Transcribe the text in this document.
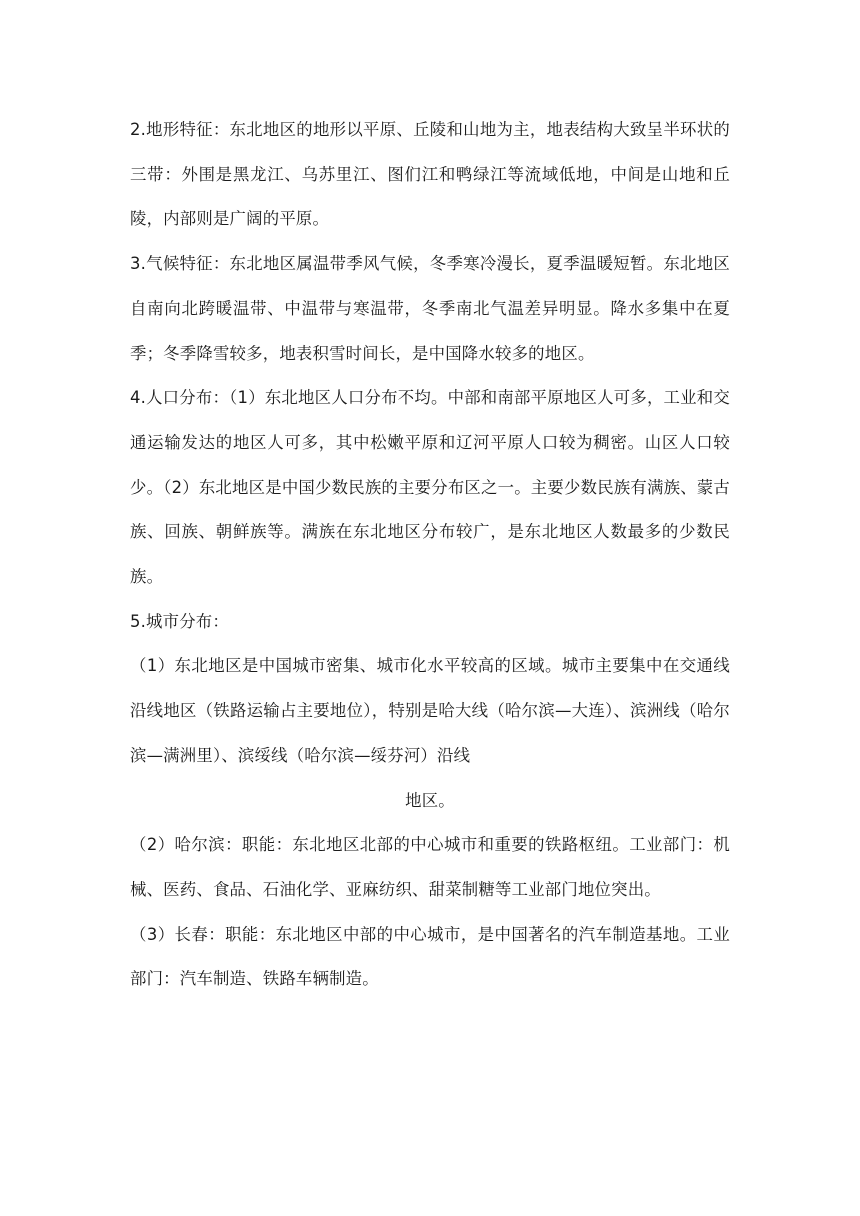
2.地形特征：东北地区的地形以平原、丘陵和山地为主，地表结构大致呈半环状的三带：外围是黑龙江、乌苏里江、图们江和鸭绿江等流域低地，中间是山地和丘陵，内部则是广阔的平原。

3.气候特征：东北地区属温带季风气候，冬季寒冷漫长，夏季温暖短暂。东北地区自南向北跨暖温带、中温带与寒温带，冬季南北气温差异明显。降水多集中在夏季；冬季降雪较多，地表积雪时间长，是中国降水较多的地区。

4.人口分布：（1）东北地区人口分布不均。中部和南部平原地区人可多，工业和交通运输发达的地区人可多，其中松嫩平原和辽河平原人口较为稠密。山区人口较少。（2）东北地区是中国少数民族的主要分布区之一。主要少数民族有满族、蒙古族、回族、朝鲜族等。满族在东北地区分布较广，是东北地区人数最多的少数民族。

5.城市分布：

（1）东北地区是中国城市密集、城市化水平较高的区域。城市主要集中在交通线沿线地区（铁路运输占主要地位），特别是哈大线（哈尔滨—大连）、滨洲线（哈尔滨—满洲里）、滨绥线（哈尔滨—绥芬河）沿线
地区。

（2）哈尔滨：职能：东北地区北部的中心城市和重要的铁路枢纽。工业部门：机械、医药、食品、石油化学、亚麻纺织、甜菜制糖等工业部门地位突出。

（3）长春：职能：东北地区中部的中心城市，是中国著名的汽车制造基地。工业部门：汽车制造、铁路车辆制造。
